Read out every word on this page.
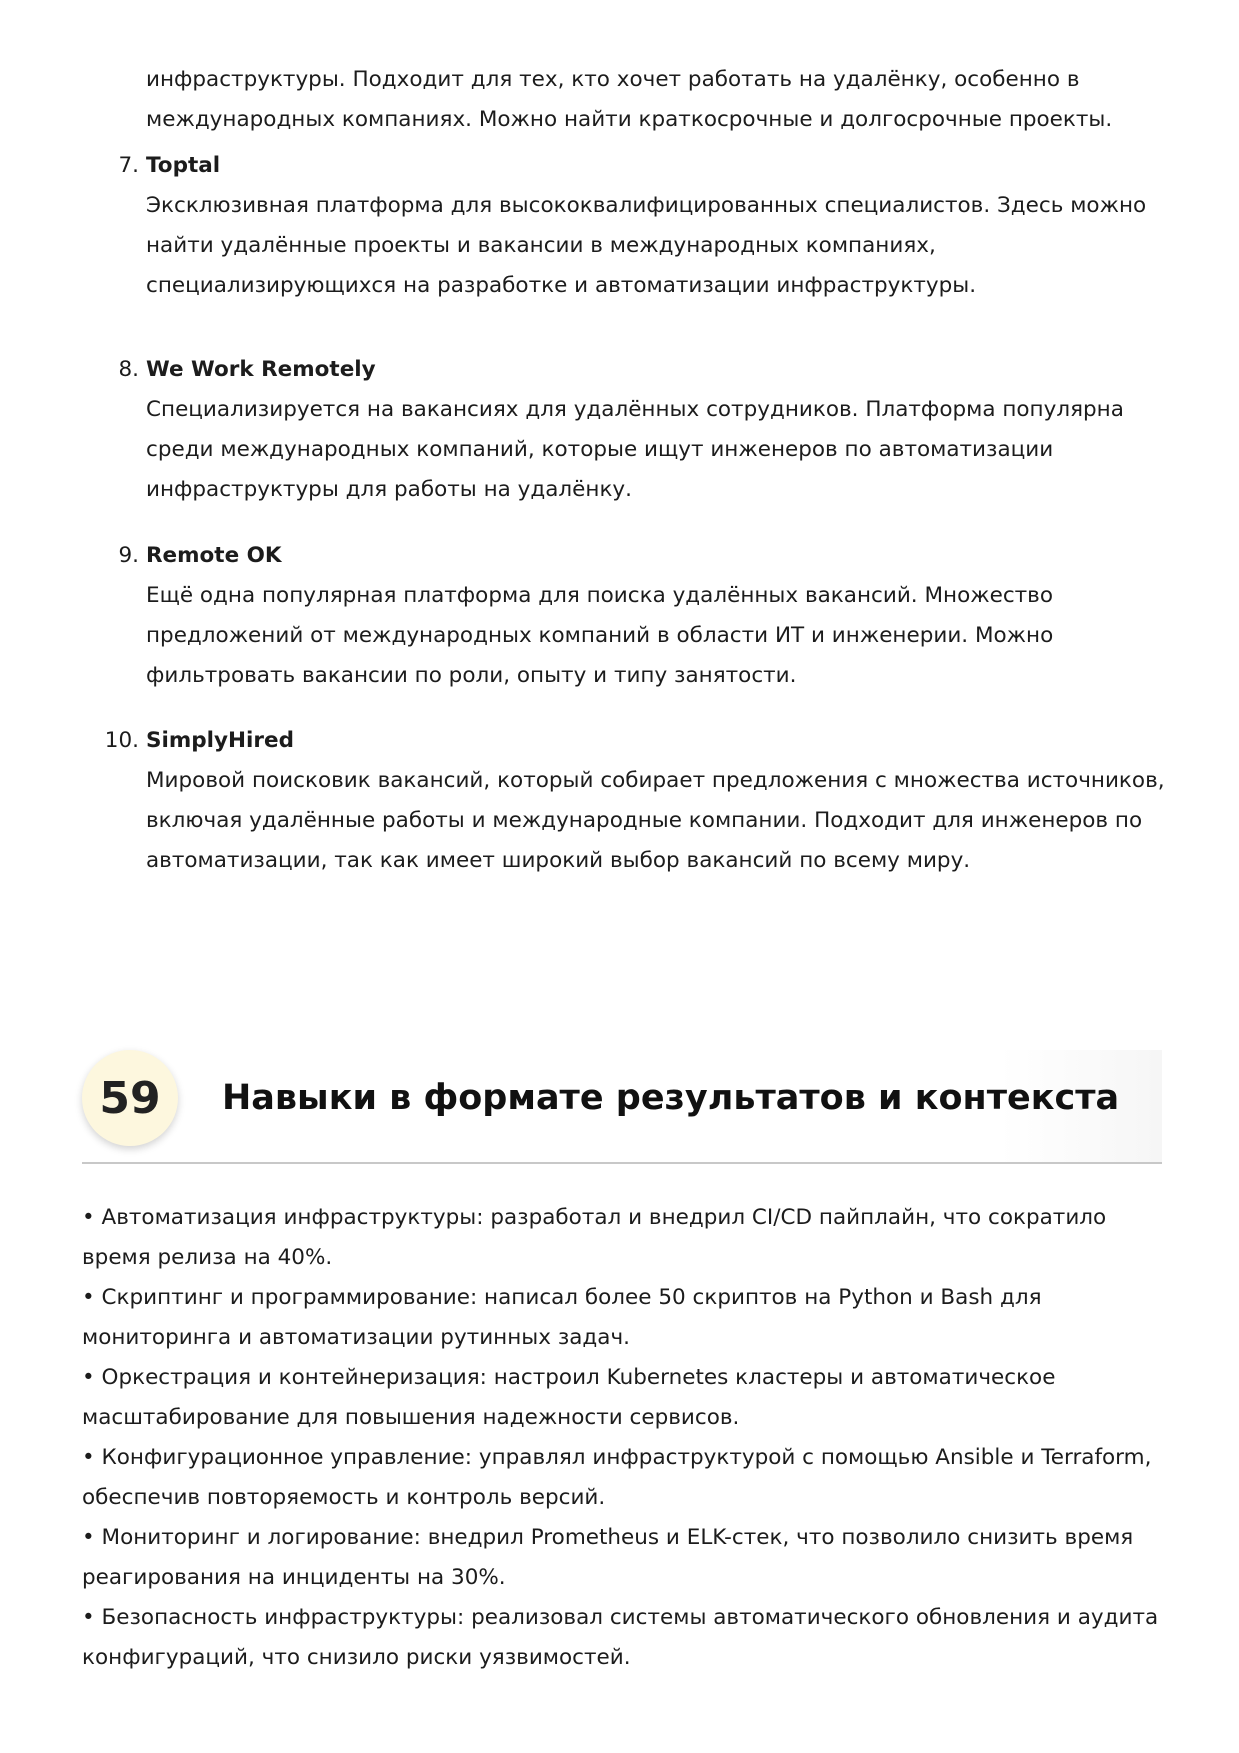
инфраструктуры. Подходит для тех, кто хочет работать на удалёнку, особенно в международных компаниях. Можно найти краткосрочные и долгосрочные проекты.

7. Toptal

Эксклюзивная платформа для высококвалифицированных специалистов. Здесь можно найти удалённые проекты и вакансии в международных компаниях, специализирующихся на разработке и автоматизации инфраструктуры.

8. We Work Remotely

Специализируется на вакансиях для удалённых сотрудников. Платформа популярна среди международных компаний, которые ищут инженеров по автоматизации инфраструктуры для работы на удалёнку.

9. Remote OK

Ещё одна популярная платформа для поиска удалённых вакансий. Множество предложений от международных компаний в области ИТ и инженерии. Можно фильтровать вакансии по роли, опыту и типу занятости.

10. SimplyHired

Мировой поисковик вакансий, который собирает предложения с множества источников, включая удалённые работы и международные компании. Подходит для инженеров по автоматизации, так как имеет широкий выбор вакансий по всему миру.

59	Навыки в формате результатов и контекста

• Автоматизация инфраструктуры: разработал и внедрил CI/CD пайплайн, что сократило время релиза на 40%.

• Скриптинг и программирование: написал более 50 скриптов на Python и Bash для мониторинга и автоматизации рутинных задач.

• Оркестрация и контейнеризация: настроил Kubernetes кластеры и автоматическое масштабирование для повышения надежности сервисов.

• Конфигурационное управление: управлял инфраструктурой с помощью Ansible и Terraform, обеспечив повторяемость и контроль версий.

• Мониторинг и логирование: внедрил Prometheus и ELK-стек, что позволило снизить время реагирования на инциденты на 30%.

• Безопасность инфраструктуры: реализовал системы автоматического обновления и аудита конфигураций, что снизило риски уязвимостей.
